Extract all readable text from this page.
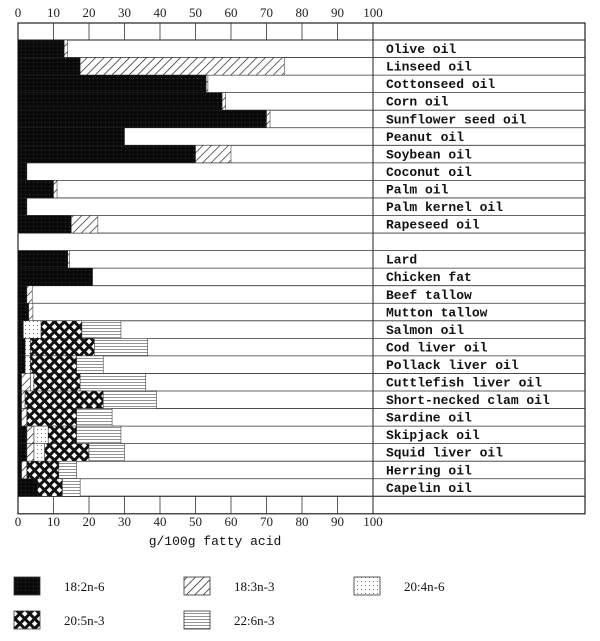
0 10 20 30 40 50 60 70 80 90 100
Olive oil
Linseed oil
Cottonseed oil
Corn oil
Sunflower seed oil
Peanut oil
Soybean oil
Coconut oil
Palm oil
Palm kernel oil
Rapeseed oil
Lard
Chicken fat
Beef tallow
Mutton tallow
Salmon oil
Cod liver oil
Pollack liver oil
Cuttlefish liver oil
Short-necked clam oil
Sardine oil
Skipjack oil
Squid liver oil
Herring oil
Capelin oil
0 10 20 30 40 50 60 70 80 90 100
g/100g fatty acid
18:2n-6	18:3n-3	20:4n-6
20:5n-3	22:6n-3
